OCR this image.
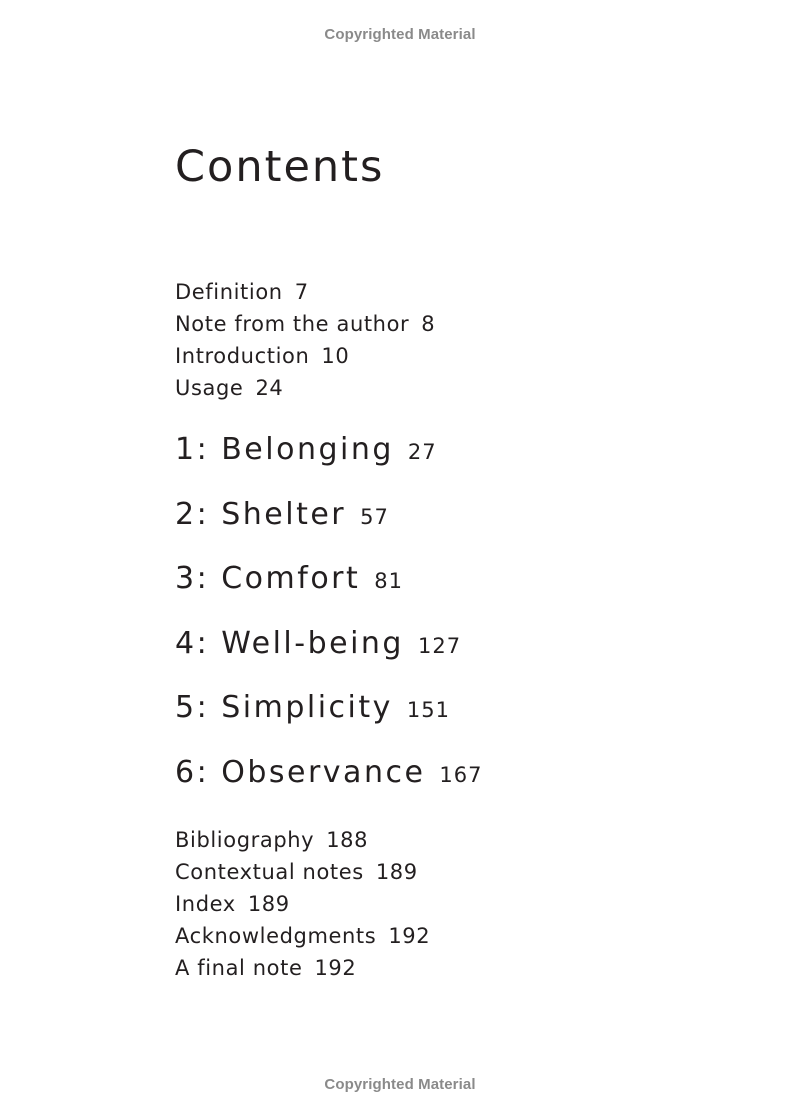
Copyrighted Material
Contents
Definition 7
Note from the author 8
Introduction 10
Usage 24
1: Belonging 27
2: Shelter 57
3: Comfort 81
4: Well-being 127
5: Simplicity 151
6: Observance 167
Bibliography 188
Contextual notes 189
Index 189
Acknowledgments 192
A final note 192
Copyrighted Material
